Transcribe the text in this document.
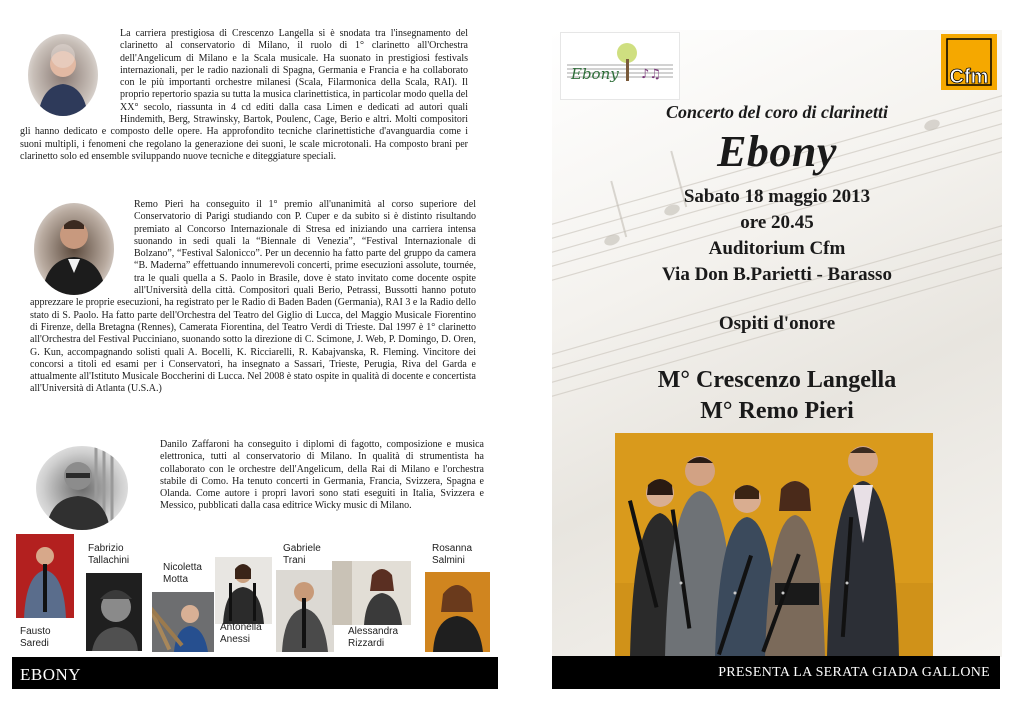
La carriera prestigiosa di Crescenzo Langella si è snodata tra l'insegnamento del clarinetto al conservatorio di Milano, il ruolo di 1° clarinetto all'Orchestra dell'Angelicum di Milano e la Scala musicale. Ha suonato in prestigiosi festivals internazionali, per le radio nazionali di Spagna, Germania e Francia e ha collaborato con le più importanti orchestre milanesi (Scala, Filarmonica della Scala, RAI). Il proprio repertorio spazia su tutta la musica clarinettistica, in particolar modo quella del XX° secolo, riassunta in 4 cd editi dalla casa Limen e dedicati ad autori quali Hindemith, Berg, Strawinsky, Bartok, Poulenc, Cage, Berio e altri. Molti compositori gli hanno dedicato e composto delle opere. Ha approfondito tecniche clarinettistiche d'avanguardia come i suoni multipli, i fenomeni che regolano la generazione dei suoni, le scale microtonali. Ha composto brani per clarinetto solo ed ensemble sviluppando nuove tecniche e diteggiature speciali.
Remo Pieri ha conseguito il 1° premio all'unanimità al corso superiore del Conservatorio di Parigi studiando con P. Cuper e da subito si è distinto risultando premiato al Concorso Internazionale di Stresa ed iniziando una carriera intensa suonando in sedi quali la “Biennale di Venezia”, “Festival Internazionale di Bolzano”, “Festival Salonicco”. Per un decennio ha fatto parte del gruppo da camera “B. Maderna” effettuando innumerevoli concerti, prime esecuzioni assolute, tournée, tra le quali quella a S. Paolo in Brasile, dove è stato invitato come docente ospite all'Università della città. Compositori quali Berio, Petrassi, Bussotti hanno potuto apprezzare le proprie esecuzioni, ha registrato per le Radio di Baden Baden (Germania), RAI 3 e la Radio dello stato di S. Paolo. Ha fatto parte dell'Orchestra del Teatro del Giglio di Lucca, del Maggio Musicale Fiorentino di Firenze, della Bretagna (Rennes), Camerata Fiorentina, del Teatro Verdi di Trieste. Dal 1997 è 1° clarinetto all'Orchestra del Festival Pucciniano, suonando sotto la direzione di C. Scimone, J. Web, P. Domingo, D. Oren, G. Kun, accompagnando solisti quali A. Bocelli, K. Ricciarelli, R. Kabajvanska, R. Fleming. Vincitore dei concorsi a titoli ed esami per i Conservatori, ha insegnato a Sassari, Trieste, Perugia, Riva del Garda e attualmente all'Istituto Musicale Boccherini di Lucca. Nel 2008 è stato ospite in qualità di docente e concertista all'Università di Atlanta (U.S.A.)
Danilo Zaffaroni ha conseguito i diplomi di fagotto, composizione e musica elettronica, tutti al conservatorio di Milano. In qualità di strumentista ha collaborato con le orchestre dell'Angelicum, della Rai di Milano e l'orchestra stabile di Como. Ha tenuto concerti in Germania, Francia, Svizzera, Spagna e Olanda. Come autore i propri lavori sono stati eseguiti in Italia, Svizzera e Messico, pubblicati dalla casa editrice Wicky music di Milano.
Fausto
Saredi
Fabrizio
Tallachini
Nicoletta
Motta
Antonella
Anessi
Gabriele
Trani
Alessandra
Rizzardi
Rosanna
Salmini
EBONY
Ebony ♪♫	Cfm
Concerto del coro di clarinetti
Ebony
Sabato 18 maggio 2013
ore 20.45
Auditorium Cfm
Via Don B.Parietti - Barasso
Ospiti d'onore
M° Crescenzo Langella
M° Remo Pieri
PRESENTA LA SERATA GIADA GALLONE
